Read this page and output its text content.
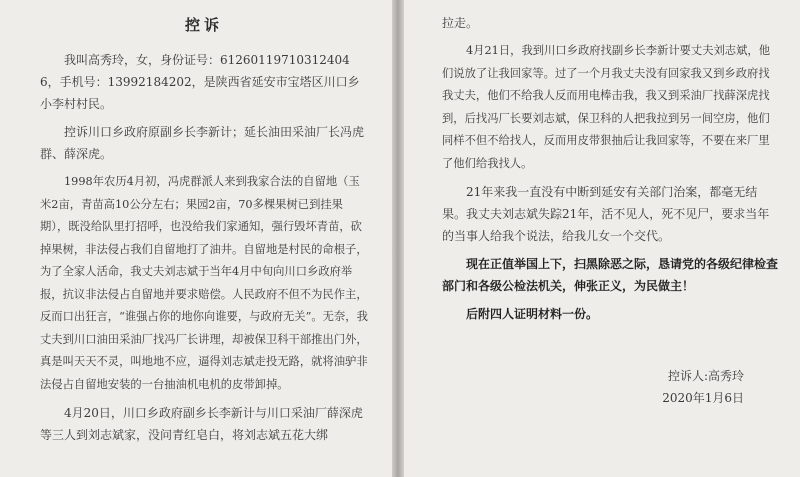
控诉

我叫高秀玲，女，身份证号：612601197103124046，手机号：13992184202，是陕西省延安市宝塔区川口乡小李村村民。

控诉川口乡政府原副乡长李新计；延长油田采油厂长冯虎群、薛深虎。

1998年农历4月初，冯虎群派人来到我家合法的自留地（玉米2亩，青苗高10公分左右；果园2亩，70多棵果树已到挂果期），既没给队里打招呼，也没给我们家通知，强行毁坏青苗，砍掉果树，非法侵占我们自留地打了油井。自留地是村民的命根子，为了全家人活命，我丈夫刘志斌于当年4月中旬向川口乡政府举报，抗议非法侵占自留地并要求赔偿。人民政府不但不为民作主，反而口出狂言，“谁强占你的地你向谁要，与政府无关”。无奈，我丈夫到川口油田采油厂找冯厂长讲理，却被保卫科干部推出门外，真是叫天天不灵，叫地地不应，逼得刘志斌走投无路，就将油驴非法侵占自留地安装的一台抽油机电机的皮带卸掉。

4月20日，川口乡政府副乡长李新计与川口采油厂薛深虎等三人到刘志斌家，没问青红皂白，将刘志斌五花大绑

拉走。

4月21日，我到川口乡政府找副乡长李新计要丈夫刘志斌，他们说放了让我回家等。过了一个月我丈夫没有回家我又到乡政府找我丈夫，他们不给我人反而用电棒击我，我又到采油厂找薛深虎找到，后找冯厂长要刘志斌，保卫科的人把我拉到另一间空房，他们同样不但不给找人，反而用皮带狠抽后让我回家等，不要在来厂里了他们给我找人。

21年来我一直没有中断到延安有关部门治案，都毫无结果。我丈夫刘志斌失踪21年，活不见人，死不见尸，要求当年的当事人给我个说法，给我儿女一个交代。

现在正值举国上下，扫黑除恶之际，恳请党的各级纪律检查部门和各级公检法机关，伸张正义，为民做主！

后附四人证明材料一份。

控诉人:高秀玲

2020年1月6日
